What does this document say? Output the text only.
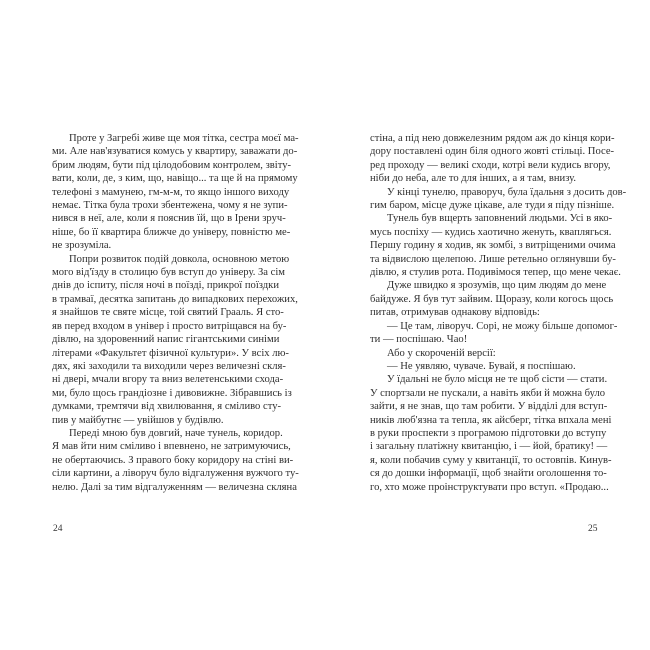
Проте у Загребі живе ще моя тітка, сестра моєї ма-
ми. Але нав'язуватися комусь у квартиру, заважати до-
брим людям, бути під цілодобовим контролем, звіту-
вати, коли, де, з ким, що, навіщо... та ще й на прямому
телефоні з мамунею, гм-м-м, то якщо іншого виходу
немає. Тітка була трохи збентежена, чому я не зупи-
нився в неї, але, коли я пояснив їй, що в Ірени зруч-
ніше, бо її квартира ближче до універу, повністю ме-
не зрозуміла.
Попри розвиток подій довкола, основною метою
мого від'їзду в столицю був вступ до універу. За сім
днів до іспиту, після ночі в поїзді, прикрої поїздки
в трамваї, десятка запитань до випадкових перехожих,
я знайшов те святе місце, той святий Грааль. Я сто-
яв перед входом в універ і просто витріщався на бу-
дівлю, на здоровенний напис гігантськими синіми
літерами «Факультет фізичної культури». У всіх лю-
дях, які заходили та виходили через величезні скля-
ні двері, мчали вгору та вниз велетенськими схода-
ми, було щось грандіозне і дивовижне. Зібравшись із
думками, тремтячи від хвилювання, я сміливо сту-
пив у майбутнє — увійшов у будівлю.
Переді мною був довгий, наче тунель, коридор.
Я мав йти ним сміливо і впевнено, не затримуючись,
не обертаючись. З правого боку коридору на стіні ви-
сіли картини, а ліворуч було відгалуження вужчого ту-
нелю. Далі за тим відгалуженням — величезна скляна
стіна, а під нею довжелезним рядом аж до кінця кори-
дору поставлені один біля одного жовті стільці. Посе-
ред проходу — великі сходи, котрі вели кудись вгору,
ніби до неба, але то для інших, а я там, внизу.
У кінці тунелю, праворуч, була їдальня з досить дов-
гим баром, місце дуже цікаве, але туди я піду пізніше.
Тунель був вщерть заповнений людьми. Усі в яко-
мусь поспіху — кудись хаотично женуть, кваплягься.
Першу годину я ходив, як зомбі, з витріщеними очима
та відвислою щелепою. Лише ретельно оглянувши бу-
дівлю, я стулив рота. Подивімося тепер, що мене чекає.
Дуже швидко я зрозумів, що цим людям до мене
байдуже. Я був тут зайвим. Щоразу, коли когось щось
питав, отримував однакову відповідь:
— Це там, ліворуч. Сорі, не можу більше допомог-
ти — поспішаю. Чао!
Або у скороченій версії:
— Не уявляю, чуваче. Бувай, я поспішаю.
У їдальні не було місця не те щоб сісти — стати.
У спортзали не пускали, а навіть якби й можна було
зайти, я не знав, що там робити. У відділі для вступ-
ників люб'язна та тепла, як айсберг, тітка впхала мені
в руки проспекти з програмою підготовки до вступу
і загальну платіжну квитанцію, і — йой, братику! —
я, коли побачив суму у квитанції, то остовпів. Кинув-
ся до дошки інформації, щоб знайти оголошення то-
го, хто може проінструктувати про вступ. «Продаю...
24	25
